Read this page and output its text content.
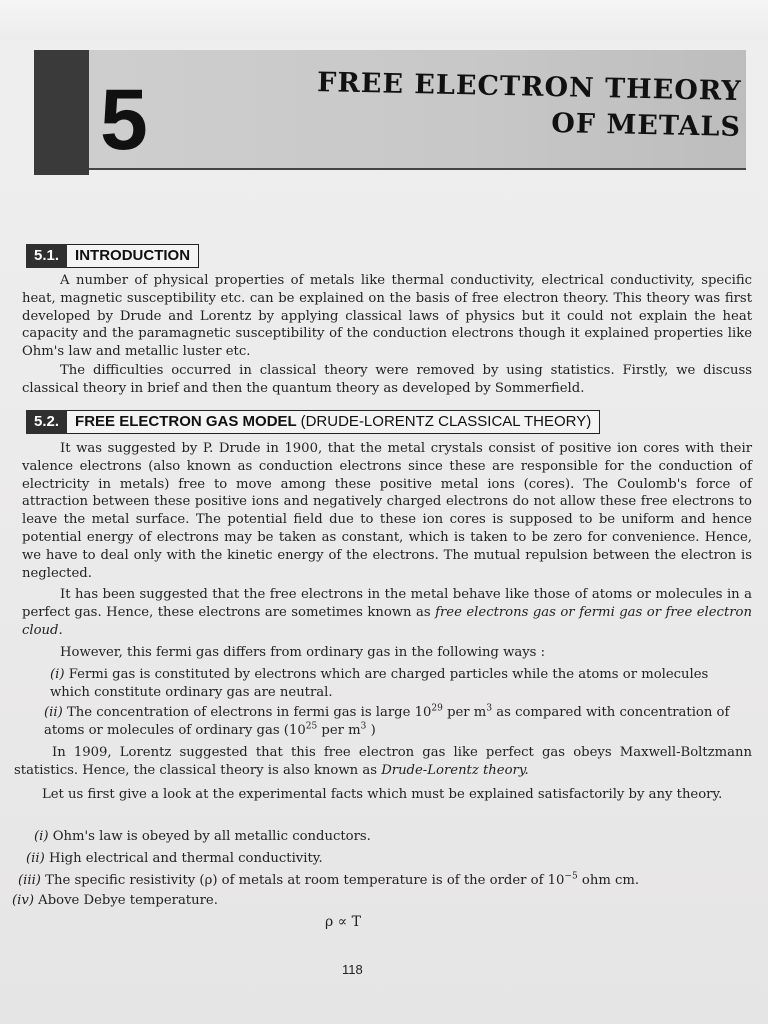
5	FREE ELECTRON THEORY
OF METALS
5.1.	INTRODUCTION
A number of physical properties of metals like thermal conductivity, electrical conductivity, specific heat, magnetic susceptibility etc. can be explained on the basis of free electron theory. This theory was first developed by Drude and Lorentz by applying classical laws of physics but it could not explain the heat capacity and the paramagnetic susceptibility of the conduction electrons though it explained properties like Ohm's law and metallic luster etc.
The difficulties occurred in classical theory were removed by using statistics. Firstly, we discuss classical theory in brief and then the quantum theory as developed by Sommerfield.
5.2.	FREE ELECTRON GAS MODEL (DRUDE-LORENTZ CLASSICAL THEORY)
It was suggested by P. Drude in 1900, that the metal crystals consist of positive ion cores with their valence electrons (also known as conduction electrons since these are responsible for the conduction of electricity in metals) free to move among these positive metal ions (cores). The Coulomb's force of attraction between these positive ions and negatively charged electrons do not allow these free electrons to leave the metal surface. The potential field due to these ion cores is supposed to be uniform and hence potential energy of electrons may be taken as constant, which is taken to be zero for convenience. Hence, we have to deal only with the kinetic energy of the electrons. The mutual repulsion between the electron is neglected.
It has been suggested that the free electrons in the metal behave like those of atoms or molecules in a perfect gas. Hence, these electrons are sometimes known as free electrons gas or fermi gas or free electron cloud.
However, this fermi gas differs from ordinary gas in the following ways :
(i) Fermi gas is constituted by electrons which are charged particles while the atoms or molecules which constitute ordinary gas are neutral.
(ii) The concentration of electrons in fermi gas is large $10^{29}$ per $m^3$ as compared with concentration of atoms or molecules of ordinary gas ($10^{25}$ per $m^3$ )
In 1909, Lorentz suggested that this free electron gas like perfect gas obeys Maxwell-Boltzmann statistics. Hence, the classical theory is also known as Drude-Lorentz theory.
Let us first give a look at the experimental facts which must be explained satisfactorily by any theory.
(i) Ohm's law is obeyed by all metallic conductors.
(ii) High electrical and thermal conductivity.
(iii) The specific resistivity (ρ) of metals at room temperature is of the order of $10^{-5}$ ohm cm.
(iv) Above Debye temperature.
ρ ∝ T
118
